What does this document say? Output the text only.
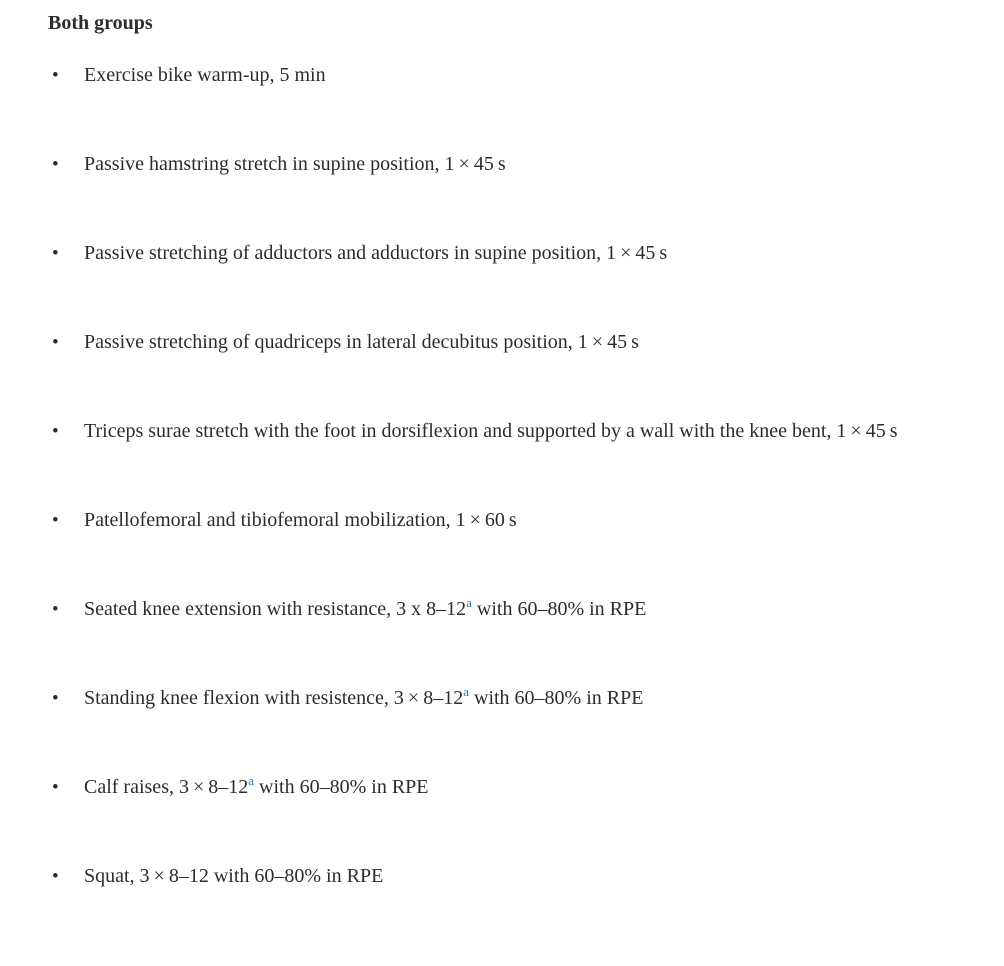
Both groups
• Exercise bike warm-up, 5 min
• Passive hamstring stretch in supine position, 1 × 45 s
• Passive stretching of adductors and adductors in supine position, 1 × 45 s
• Passive stretching of quadriceps in lateral decubitus position, 1 × 45 s
• Triceps surae stretch with the foot in dorsiflexion and supported by a wall with the knee bent, 1 × 45 s
• Patellofemoral and tibiofemoral mobilization, 1 × 60 s
• Seated knee extension with resistance, 3 x 8–12$^a$ with 60–80% in RPE
• Standing knee flexion with resistence, 3 × 8–12$^a$ with 60–80% in RPE
• Calf raises, 3 × 8–12$^a$ with 60–80% in RPE
• Squat, 3 × 8–12 with 60–80% in RPE
